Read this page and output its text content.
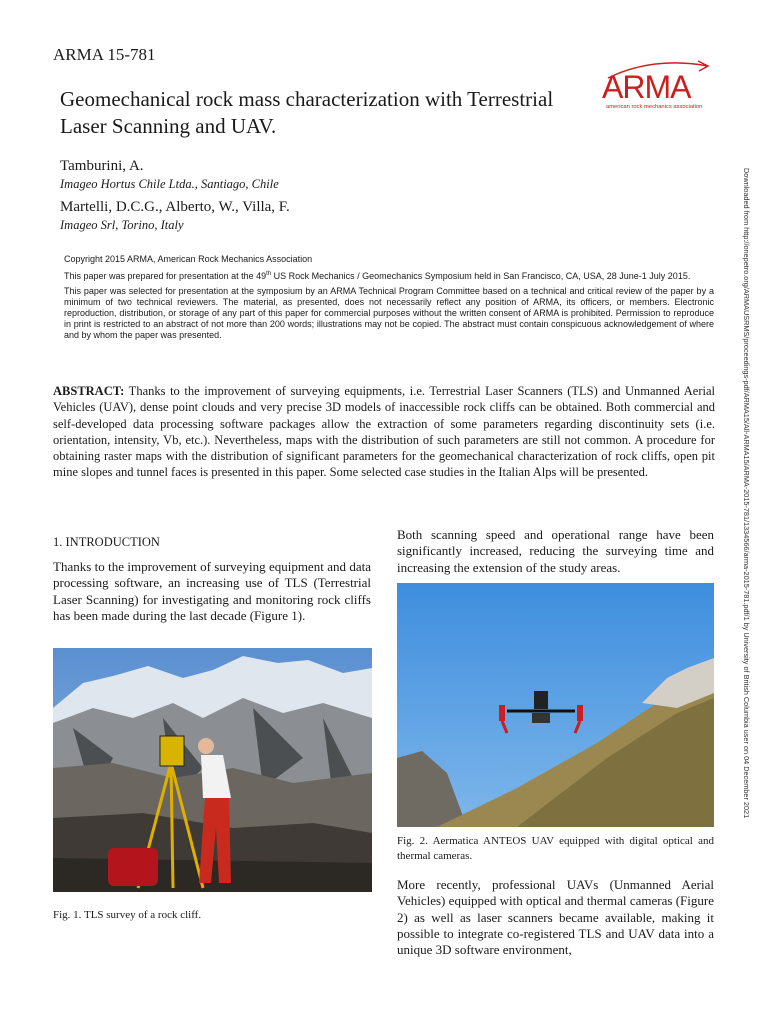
ARMA 15-781
Geomechanical rock mass characterization with Terrestrial Laser Scanning and UAV.
ARMA
american rock mechanics association
Tamburini, A.
Imageo Hortus Chile Ltda., Santiago, Chile
Martelli, D.C.G., Alberto, W., Villa, F.
Imageo Srl, Torino, Italy

Copyright 2015 ARMA, American Rock Mechanics Association

This paper was prepared for presentation at the 49th US Rock Mechanics / Geomechanics Symposium held in San Francisco, CA, USA, 28 June-1 July 2015.

This paper was selected for presentation at the symposium by an ARMA Technical Program Committee based on a technical and critical review of the paper by a minimum of two technical reviewers. The material, as presented, does not necessarily reflect any position of ARMA, its officers, or members. Electronic reproduction, distribution, or storage of any part of this paper for commercial purposes without the written consent of ARMA is prohibited. Permission to reproduce in print is restricted to an abstract of not more than 200 words; illustrations may not be copied. The abstract must contain conspicuous acknowledgement of where and by whom the paper was presented.

ABSTRACT: Thanks to the improvement of surveying equipments, i.e. Terrestrial Laser Scanners (TLS) and Unmanned Aerial Vehicles (UAV), dense point clouds and very precise 3D models of inaccessible rock cliffs can be obtained. Both commercial and self-developed data processing software packages allow the extraction of some parameters regarding discontinuity sets (i.e. orientation, intensity, Vb, etc.). Nevertheless, maps with the distribution of such parameters are still not common. A procedure for obtaining raster maps with the distribution of significant parameters for the geomechanical characterization of rock cliffs, open pit mine slopes and tunnel faces is presented in this paper. Some selected case studies in the Italian Alps will be presented.	Downloaded from http://onepetro.org/ARMAUSRMS/proceedings-pdf/ARMA15/All-ARMA15/ARMA-2015-781/1334566/arma-2015-781.pdf/1 by University of British Columbia user on 04 December 2021
1. INTRODUCTION
Thanks to the improvement of surveying equipment and data processing software, an increasing use of TLS (Terrestrial Laser Scanning) for investigating and monitoring rock cliffs has been made during the last decade (Figure 1).
Fig. 1. TLS survey of a rock cliff.
Both scanning speed and operational range have been significantly increased, reducing the surveying time and increasing the extension of the study areas.
Fig. 2. Aermatica ANTEOS UAV equipped with digital optical and thermal cameras.
More recently, professional UAVs (Unmanned Aerial Vehicles) equipped with optical and thermal cameras (Figure 2) as well as laser scanners became available, making it possible to integrate co-registered TLS and UAV data into a unique 3D software environment,
